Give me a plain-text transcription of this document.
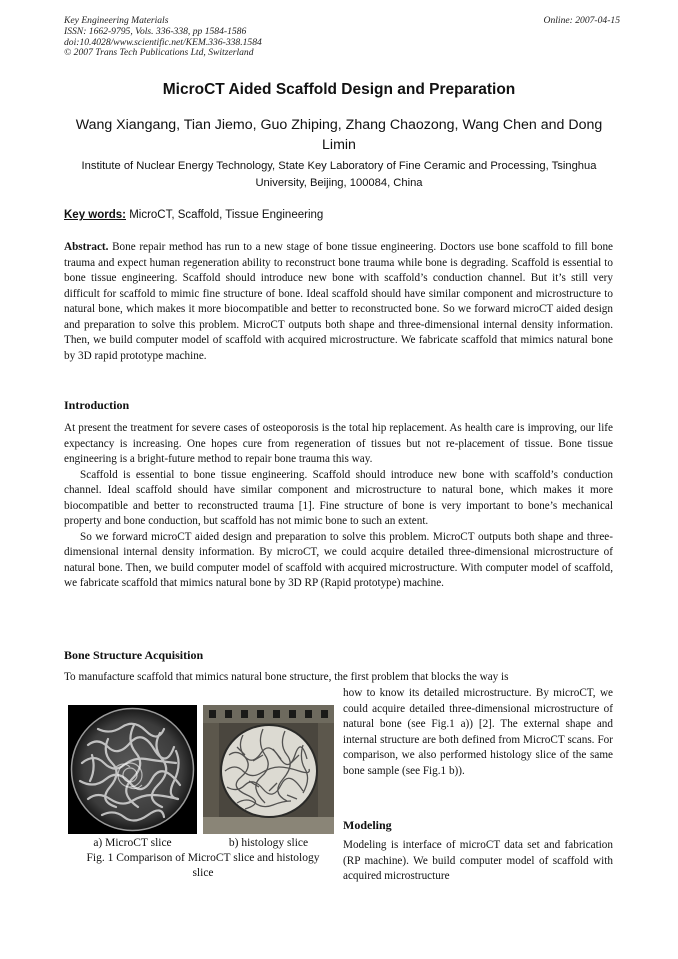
Key Engineering Materials
ISSN: 1662-9795, Vols. 336-338, pp 1584-1586
doi:10.4028/www.scientific.net/KEM.336-338.1584
© 2007 Trans Tech Publications Ltd, Switzerland
Online: 2007-04-15
MicroCT Aided Scaffold Design and Preparation
Wang Xiangang, Tian Jiemo, Guo Zhiping, Zhang Chaozong, Wang Chen and Dong Limin
Institute of Nuclear Energy Technology, State Key Laboratory of Fine Ceramic and Processing, Tsinghua University, Beijing, 100084, China
Key words: MicroCT, Scaffold, Tissue Engineering

Abstract. Bone repair method has run to a new stage of bone tissue engineering. Doctors use bone scaffold to fill bone trauma and expect human regeneration ability to reconstruct bone trauma while bone is degrading. Scaffold is essential to bone tissue engineering. Scaffold should introduce new bone with scaffold’s conduction channel. But it’s still very difficult for scaffold to mimic fine structure of bone. Ideal scaffold should have similar component and microstructure to natural bone, which makes it more biocompatible and better to reconstructed bone. So we forward microCT aided design and preparation to solve this problem. MicroCT outputs both shape and three-dimensional internal density information. Then, we build computer model of scaffold with acquired microstructure. We fabricate scaffold that mimics natural bone by 3D rapid prototype machine.

Introduction

At present the treatment for severe cases of osteoporosis is the total hip replacement. As health care is improving, our life expectancy is increasing. One hopes cure from regeneration of tissues but not re-placement of tissue. Bone tissue engineering is a bright-future method to repair bone trauma this way.

Scaffold is essential to bone tissue engineering. Scaffold should introduce new bone with scaffold’s conduction channel. Ideal scaffold should have similar component and microstructure to natural bone, which makes it more biocompatible and better to reconstructed trauma [1]. Fine structure of bone is very important to bone’s mechanical property and bone conduction, but scaffold has not mimic bone to such an extent.

So we forward microCT aided design and preparation to solve this problem. MicroCT outputs both shape and three-dimensional internal density information. By microCT, we could acquire detailed three-dimensional microstructure of natural bone. Then, we build computer model of scaffold with acquired microstructure. With computer model of scaffold, we fabricate scaffold that mimics natural bone by 3D RP (Rapid prototype) machine.

Bone Structure Acquisition
To manufacture scaffold that mimics natural bone structure, the first problem that blocks the way is

how to know its detailed microstructure. By microCT, we could acquire detailed three-dimensional microstructure of natural bone (see Fig.1 a)) [2]. The external shape and internal structure are both defined from MicroCT scans. For comparison, we also performed histology slice of the same bone sample (see Fig.1 b)).

a) MicroCT slice	b) histology slice
Fig. 1 Comparison of MicroCT slice and histology slice
Modeling

Modeling is interface of microCT data set and fabrication (RP machine). We build computer model of scaffold with acquired microstructure
